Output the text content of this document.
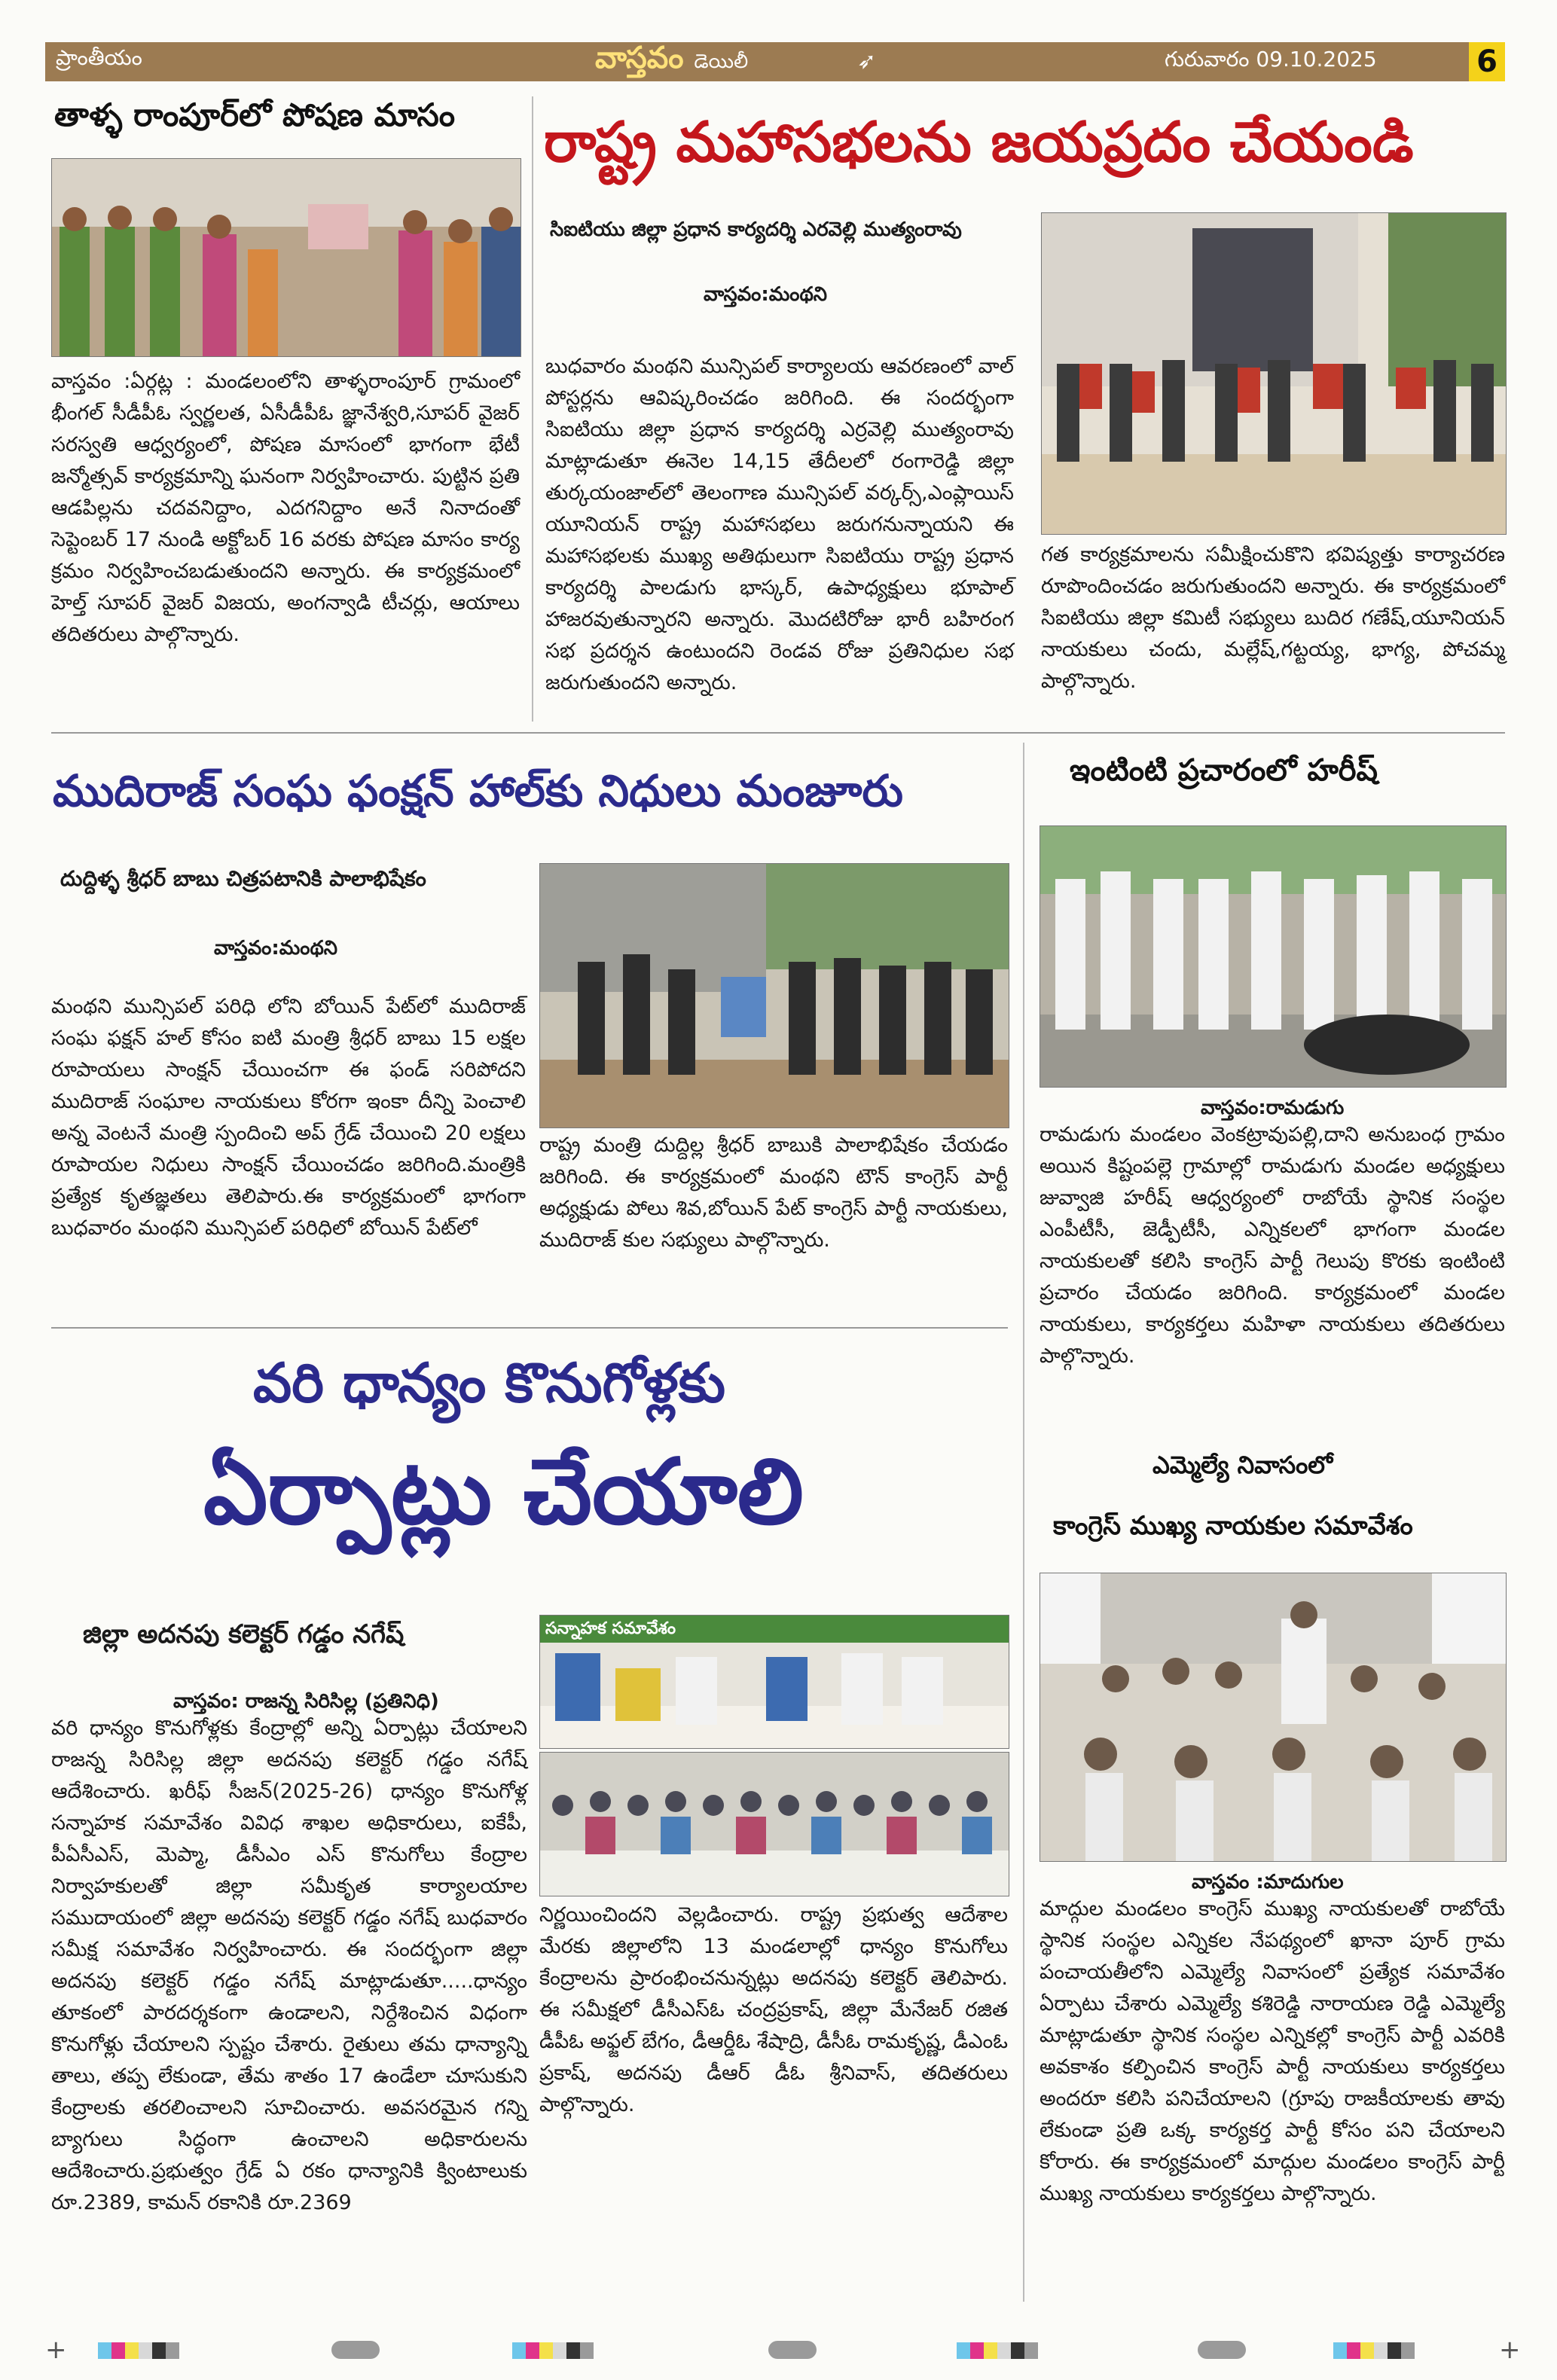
ప్రాంతీయం	వాస్తవం డెయిలీ	➶	గురువారం 09.10.2025	6
తాళ్ళ రాంపూర్‌లో పోషణ మాసం
వాస్తవం :ఏర్గట్ల : మండలంలోని తాళ్ళరాంపూర్ గ్రామంలో భీంగల్ సీడీపీఓ స్వర్ణలత, ఏసీడీపీఓ జ్ఞానేశ్వరి,సూపర్ వైజర్ సరస్వతి ఆధ్వర్యంలో, పోషణ మాసంలో భాగంగా భేటీ జన్మోత్సవ్ కార్యక్రమాన్ని ఘనంగా నిర్వహించారు. పుట్టిన ప్రతి ఆడపిల్లను చదవనిద్దాం, ఎదగనిద్దాం అనే నినాదంతో సెప్టెంబర్ 17 నుండి అక్టోబర్ 16 వరకు పోషణ మాసం కార్య క్రమం నిర్వహించబడుతుందని అన్నారు. ఈ కార్యక్రమంలో హెల్త్ సూపర్ వైజర్ విజయ, అంగన్వాడి టీచర్లు, ఆయాలు తదితరులు పాల్గొన్నారు.
రాష్ట్ర మహాసభలను జయప్రదం చేయండి
సిఐటియు జిల్లా ప్రధాన కార్యదర్శి ఎరవెల్లి ముత్యంరావు
వాస్తవం:మంథని
బుధవారం మంథని మున్సిపల్ కార్యాలయ ఆవరణంలో వాల్ పోస్టర్లను ఆవిష్కరించడం జరిగింది. ఈ సందర్భంగా సిఐటియు జిల్లా ప్రధాన కార్యదర్శి ఎర్రవెల్లి ముత్యంరావు మాట్లాడుతూ ఈనెల 14,15 తేదీలలో రంగారెడ్డి జిల్లా తుర్కయంజాల్‌లో తెలంగాణ మున్సిపల్ వర్కర్స్,ఎంప్లాయిస్ యూనియన్ రాష్ట్ర మహాసభలు జరుగనున్నాయని ఈ మహాసభలకు ముఖ్య అతిథులుగా సిఐటియు రాష్ట్ర ప్రధాన కార్యదర్శి పాలడుగు భాస్కర్, ఉపాధ్యక్షులు భూపాల్ హాజరవుతున్నారని అన్నారు. మొదటిరోజు భారీ బహిరంగ సభ ప్రదర్శన ఉంటుందని రెండవ రోజు ప్రతినిధుల సభ జరుగుతుందని అన్నారు.
గత కార్యక్రమాలను సమీక్షించుకొని భవిష్యత్తు కార్యాచరణ రూపొందించడం జరుగుతుందని అన్నారు. ఈ కార్యక్రమంలో సిఐటియు జిల్లా కమిటీ సభ్యులు బుదిర గణేష్,యూనియన్ నాయకులు చందు, మల్లేష్,గట్టయ్య, భాగ్య, పోచమ్మ పాల్గొన్నారు.
ముదిరాజ్ సంఘ ఫంక్షన్ హాల్‌కు నిధులు మంజూరు
దుద్దిళ్ళ శ్రీధర్ బాబు చిత్రపటానికి పాలాభిషేకం
వాస్తవం:మంథని
మంథని మున్సిపల్ పరిధి లోని బోయిన్ పేట్‌లో ముదిరాజ్ సంఘ ఫక్షన్ హల్ కోసం ఐటి మంత్రి శ్రీధర్ బాబు 15 లక్షల రూపాయలు సాంక్షన్ చేయించగా ఈ ఫండ్ సరిపోదని ముదిరాజ్ సంఘాల నాయకులు కోరగా ఇంకా దీన్ని పెంచాలి అన్న వెంటనే మంత్రి స్పందించి అప్ గ్రేడ్ చేయించి 20 లక్షలు రూపాయల నిధులు సాంక్షన్ చేయించడం జరిగింది.మంత్రికి ప్రత్యేక కృతజ్ఞతలు తెలిపారు.ఈ కార్యక్రమంలో భాగంగా బుధవారం మంథని మున్సిపల్ పరిధిలో బోయిన్ పేట్‌లో
రాష్ట్ర మంత్రి దుద్దిల్ల శ్రీధర్ బాబుకి పాలాభిషేకం చేయడం జరిగింది. ఈ కార్యక్రమంలో మంథని టౌన్ కాంగ్రెస్ పార్టీ అధ్యక్షుడు పోలు శివ,బోయిన్ పేట్ కాంగ్రెస్ పార్టీ నాయకులు, ముదిరాజ్ కుల సభ్యులు పాల్గొన్నారు.
ఇంటింటి ప్రచారంలో హరీష్
వాస్తవం:రామడుగు
రామడుగు మండలం వెంకట్రావుపల్లి,దాని అనుబంధ గ్రామం అయిన కిష్టంపల్లె గ్రామాల్లో రామడుగు మండల అధ్యక్షులు జువ్వాజి హరీష్ ఆధ్వర్యంలో రాబోయే స్థానిక సంస్థల ఎంపీటీసీ, జెడ్పీటీసీ, ఎన్నికలలో భాగంగా మండల నాయకులతో కలిసి కాంగ్రెస్ పార్టీ గెలుపు కొరకు ఇంటింటి ప్రచారం చేయడం జరిగింది. కార్యక్రమంలో మండల నాయకులు, కార్యకర్తలు మహిళా నాయకులు తదితరులు పాల్గొన్నారు.
వరి ధాన్యం కొనుగోళ్లకు
ఏర్పాట్లు చేయాలి
జిల్లా అదనపు కలెక్టర్ గడ్డం నగేష్
వాస్తవం: రాజన్న సిరిసిల్ల (ప్రతినిధి)
వరి ధాన్యం కొనుగోళ్లకు కేంద్రాల్లో అన్ని ఏర్పాట్లు చేయాలని రాజన్న సిరిసిల్ల జిల్లా అదనపు కలెక్టర్ గడ్డం నగేష్ ఆదేశించారు. ఖరీఫ్ సీజన్(2025-26) ధాన్యం కొనుగోళ్ల సన్నాహక సమావేశం వివిధ శాఖల అధికారులు, ఐకేపీ, పీఏసీఎస్, మెప్మా, డీసీఎం ఎస్ కొనుగోలు కేంద్రాల నిర్వాహకులతో జిల్లా సమీకృత కార్యాలయాల సముదాయంలో జిల్లా అదనపు కలెక్టర్ గడ్డం నగేష్ బుధవారం సమీక్ష సమావేశం నిర్వహించారు. ఈ సందర్భంగా జిల్లా అదనపు కలెక్టర్ గడ్డం నగేష్ మాట్లాడుతూ.....ధాన్యం తూకంలో పారదర్శకంగా ఉండాలని, నిర్దేశించిన విధంగా కొనుగోళ్లు చేయాలని స్పష్టం చేశారు. రైతులు తమ ధాన్యాన్ని తాలు, తప్ప లేకుండా, తేమ శాతం 17 ఉండేలా చూసుకుని కేంద్రాలకు తరలించాలని సూచించారు. అవసరమైన గన్ని బ్యాగులు సిద్ధంగా ఉంచాలని అధికారులను ఆదేశించారు.ప్రభుత్వం గ్రేడ్ ఏ రకం ధాన్యానికి క్వింటాలుకు రూ.2389, కామన్ రకానికి రూ.2369
సన్నాహక సమావేశం
నిర్ణయించిందని వెల్లడించారు. రాష్ట్ర ప్రభుత్వ ఆదేశాల మేరకు జిల్లాలోని 13 మండలాల్లో ధాన్యం కొనుగోలు కేంద్రాలను ప్రారంభించనున్నట్లు అదనపు కలెక్టర్ తెలిపారు. ఈ సమీక్షలో డీసీఎస్ఓ చంద్రప్రకాష్, జిల్లా మేనేజర్ రజిత డీపీఓ అఫ్జల్ బేగం, డీఆర్డీఓ శేషాద్రి, డీసీఓ రామకృష్ణ, డీఎంఓ ప్రకాష్, అదనపు డీఆర్ డీఓ శ్రీనివాస్, తదితరులు పాల్గొన్నారు.
ఎమ్మెల్యే నివాసంలో
కాంగ్రెస్ ముఖ్య నాయకుల సమావేశం
వాస్తవం :మాదుగుల
మాద్గుల మండలం కాంగ్రెస్ ముఖ్య నాయకులతో రాబోయే స్థానిక సంస్థల ఎన్నికల నేపథ్యంలో ఖానా పూర్ గ్రామ పంచాయతీలోని ఎమ్మెల్యే నివాసంలో ప్రత్యేక సమావేశం ఏర్పాటు చేశారు ఎమ్మెల్యే కశిరెడ్డి నారాయణ రెడ్డి ఎమ్మెల్యే మాట్లాడుతూ స్థానిక సంస్థల ఎన్నికల్లో కాంగ్రెస్ పార్టీ ఎవరికి అవకాశం కల్పించిన కాంగ్రెస్ పార్టీ నాయకులు కార్యకర్తలు అందరూ కలిసి పనిచేయాలని (గ్రూపు రాజకీయాలకు తావు లేకుండా ప్రతి ఒక్క కార్యకర్త పార్టీ కోసం పని చేయాలని కోరారు. ఈ కార్యక్రమంలో మాద్గుల మండలం కాంగ్రెస్ పార్టీ ముఖ్య నాయకులు కార్యకర్తలు పాల్గొన్నారు.
+	+
